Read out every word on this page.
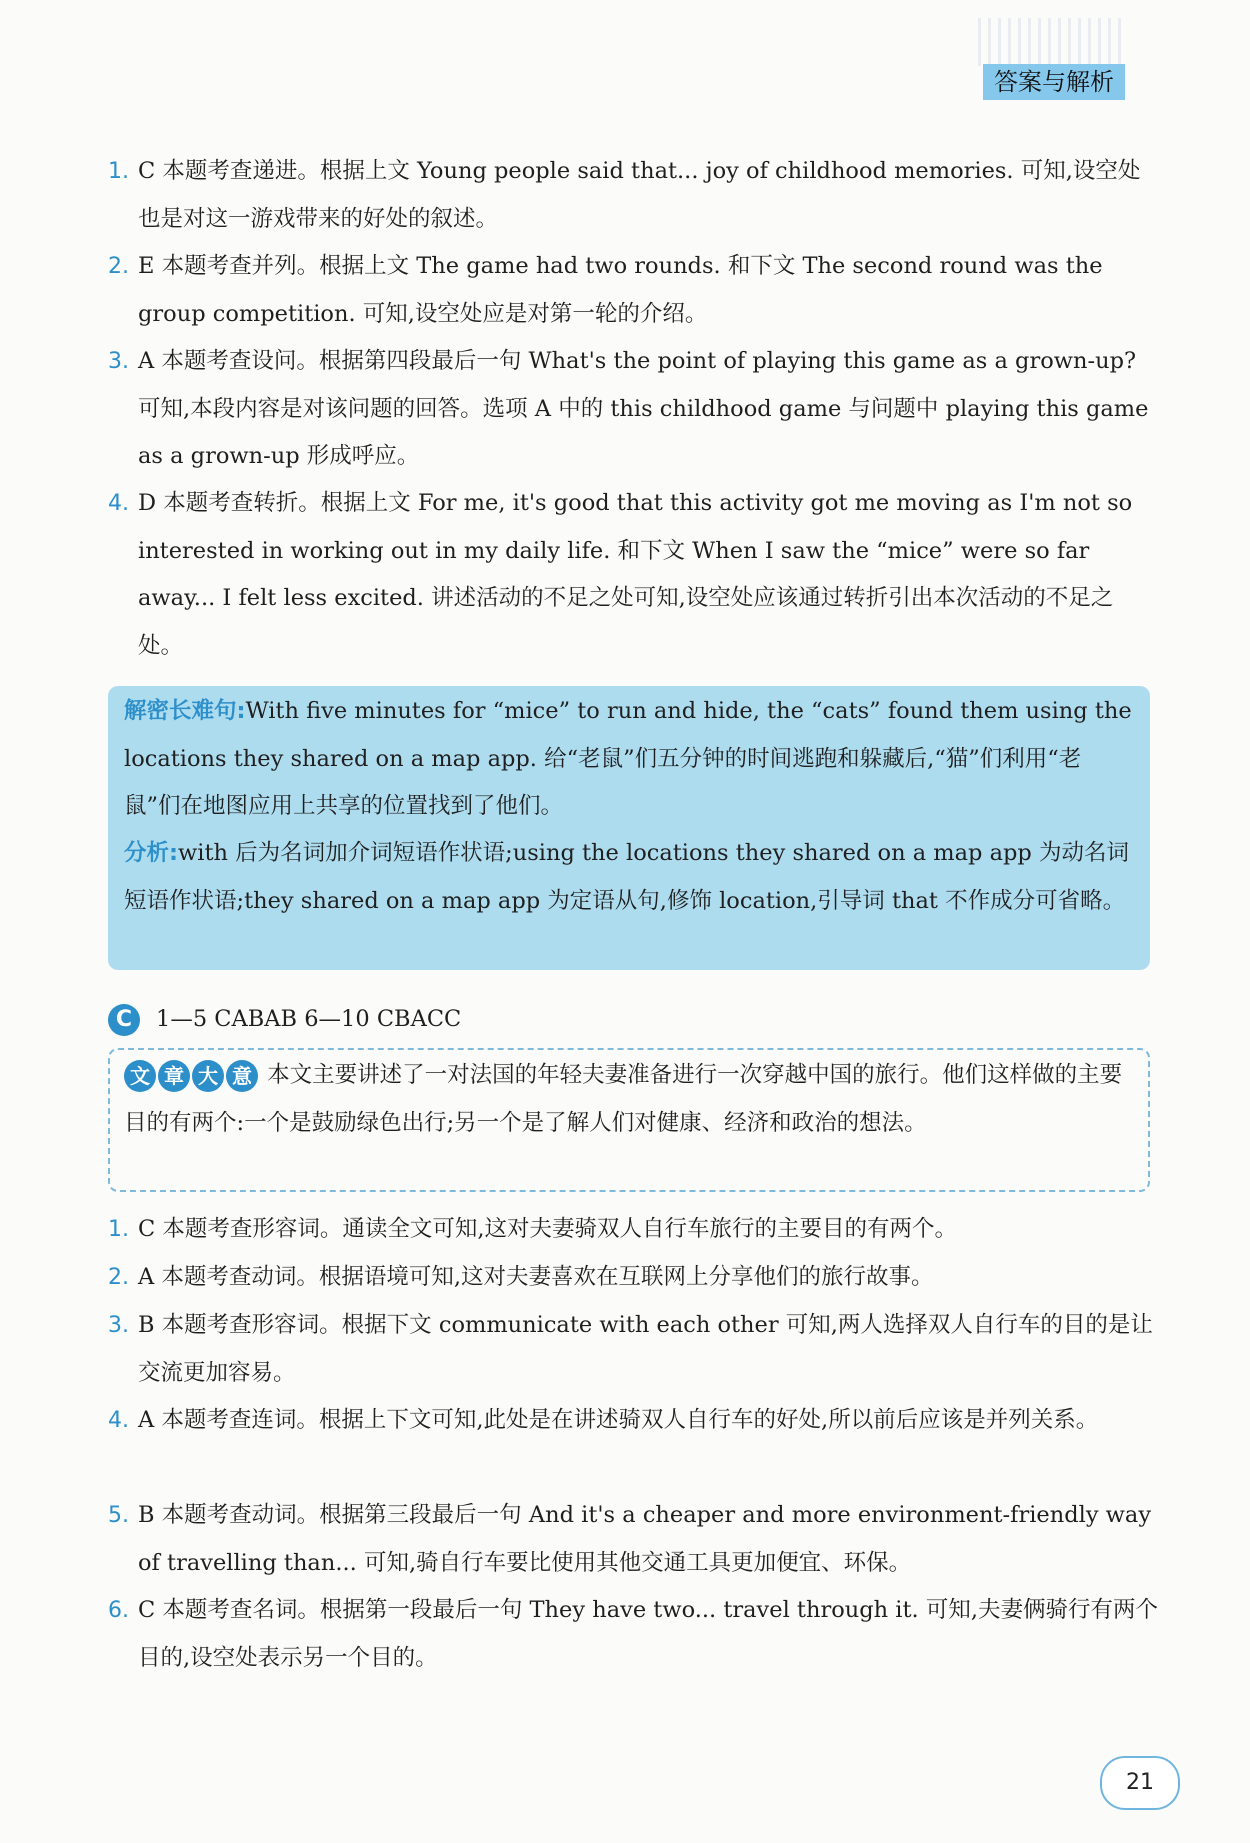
答案与解析
1. C 本题考查递进。根据上文 Young people said that... joy of childhood memories. 可知,设空处也是对这一游戏带来的好处的叙述。
2. E 本题考查并列。根据上文 The game had two rounds. 和下文 The second round was the group competition. 可知,设空处应是对第一轮的介绍。
3. A 本题考查设问。根据第四段最后一句 What's the point of playing this game as a grown-up? 可知,本段内容是对该问题的回答。选项 A 中的 this childhood game 与问题中 playing this game as a grown-up 形成呼应。
4. D 本题考查转折。根据上文 For me, it's good that this activity got me moving as I'm not so interested in working out in my daily life. 和下文 When I saw the “mice” were so far away... I felt less excited. 讲述活动的不足之处可知,设空处应该通过转折引出本次活动的不足之处。
解密长难句:With five minutes for “mice” to run and hide, the “cats” found them using the locations they shared on a map app. 给“老鼠”们五分钟的时间逃跑和躲藏后,“猫”们利用“老鼠”们在地图应用上共享的位置找到了他们。
分析:with 后为名词加介词短语作状语;using the locations they shared on a map app 为动名词短语作状语;they shared on a map app 为定语从句,修饰 location,引导词 that 不作成分可省略。
C 1—5 CABAB 6—10 CBACC
文 章 大 意 本文主要讲述了一对法国的年轻夫妻准备进行一次穿越中国的旅行。他们这样做的主要目的有两个:一个是鼓励绿色出行;另一个是了解人们对健康、经济和政治的想法。
1. C 本题考查形容词。通读全文可知,这对夫妻骑双人自行车旅行的主要目的有两个。
2. A 本题考查动词。根据语境可知,这对夫妻喜欢在互联网上分享他们的旅行故事。
3. B 本题考查形容词。根据下文 communicate with each other 可知,两人选择双人自行车的目的是让交流更加容易。
4. A 本题考查连词。根据上下文可知,此处是在讲述骑双人自行车的好处,所以前后应该是并列关系。
5. B 本题考查动词。根据第三段最后一句 And it's a cheaper and more environment-friendly way of travelling than... 可知,骑自行车要比使用其他交通工具更加便宜、环保。
6. C 本题考查名词。根据第一段最后一句 They have two... travel through it. 可知,夫妻俩骑行有两个目的,设空处表示另一个目的。
21
